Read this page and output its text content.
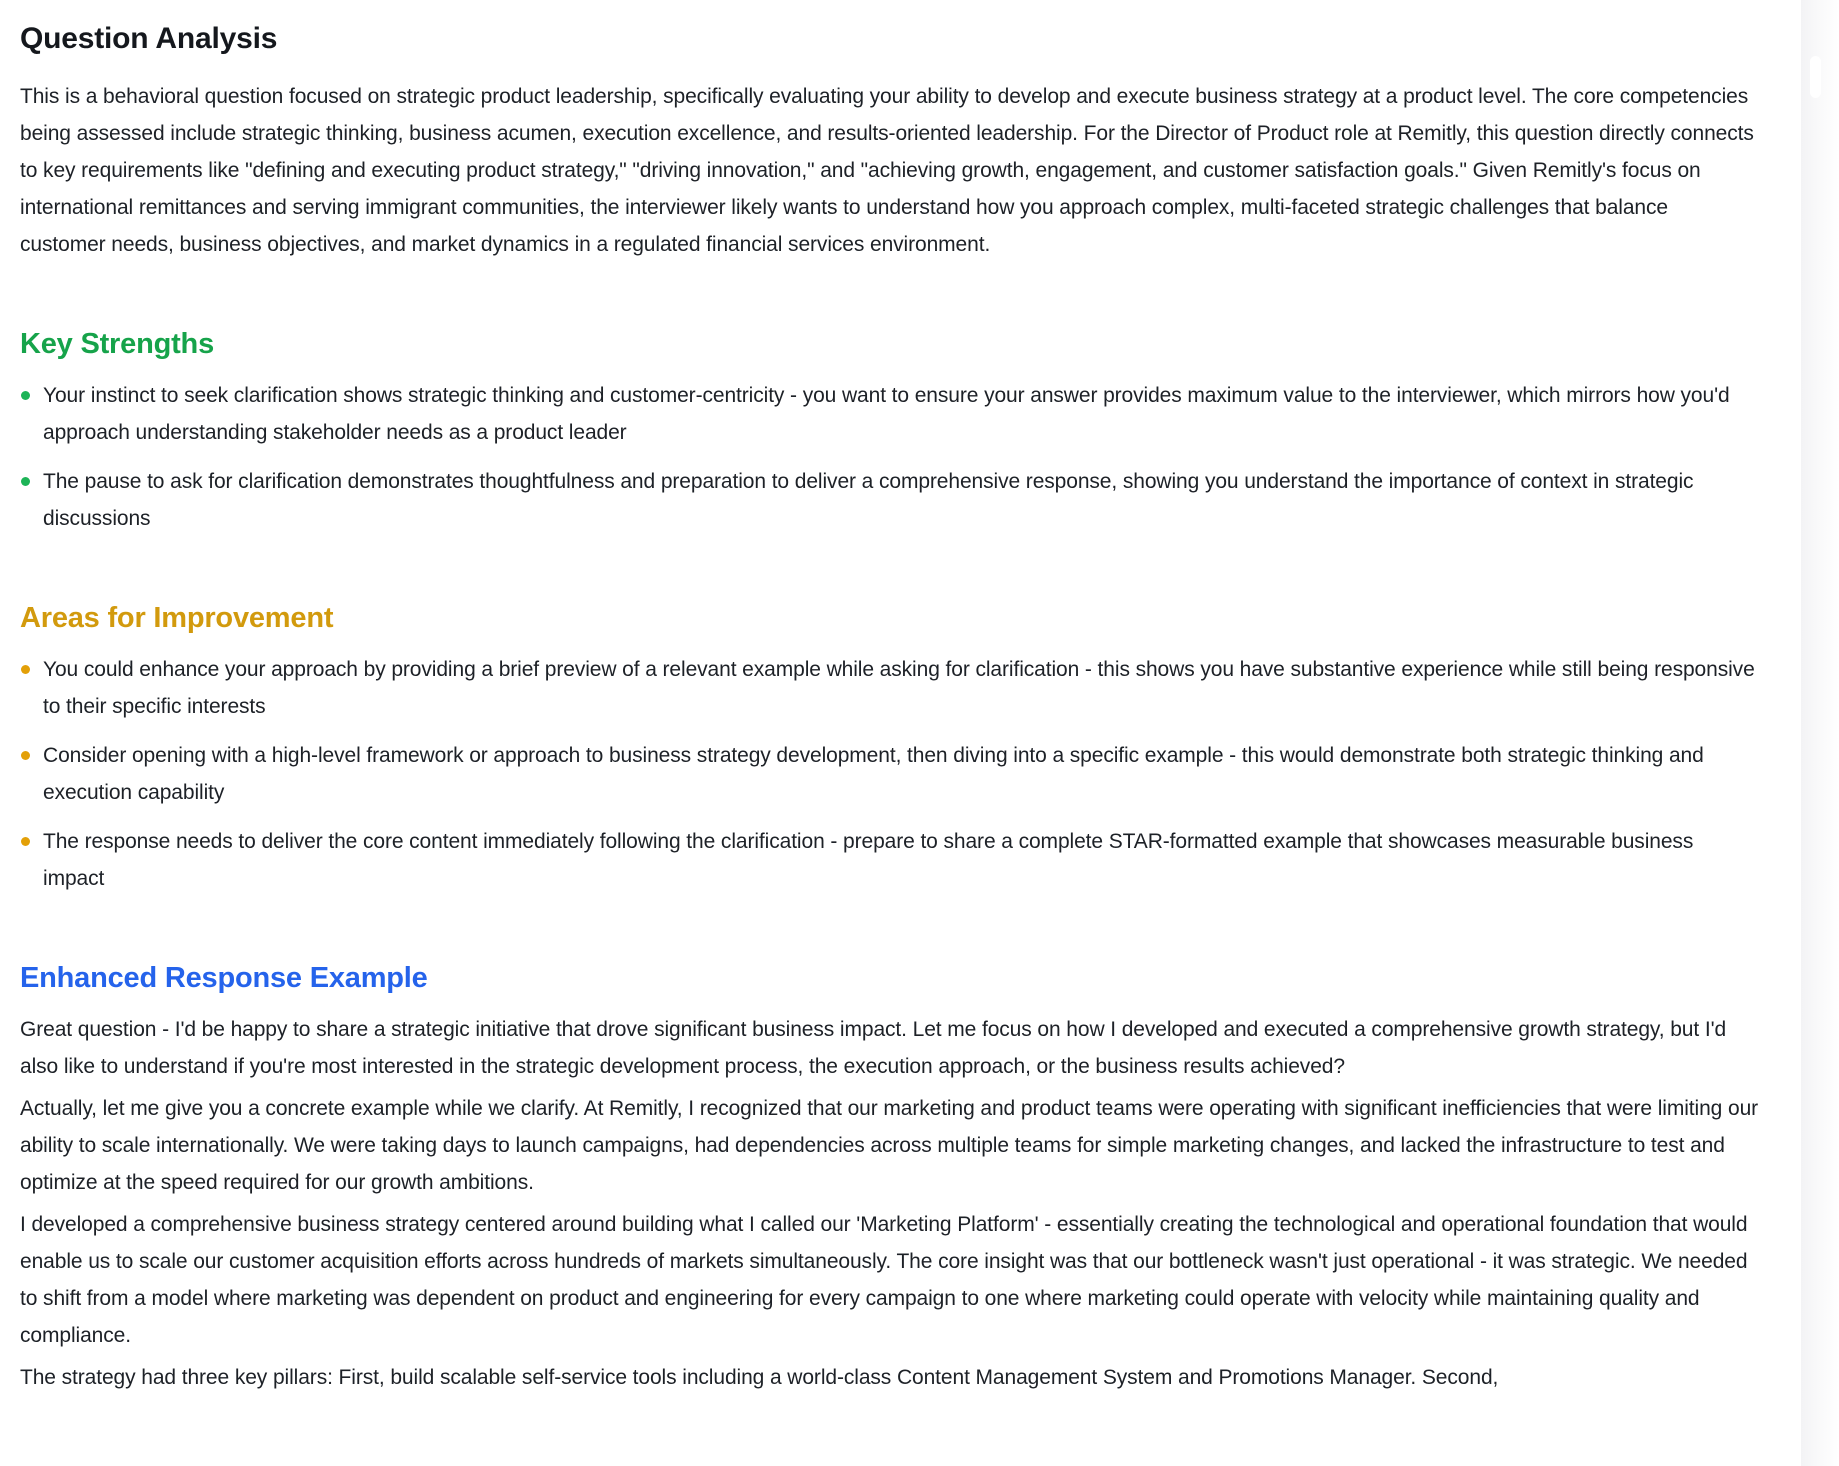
Question Analysis

This is a behavioral question focused on strategic product leadership, specifically evaluating your ability to develop and execute business strategy at a product level. The core competencies being assessed include strategic thinking, business acumen, execution excellence, and results-oriented leadership. For the Director of Product role at Remitly, this question directly connects to key requirements like "defining and executing product strategy," "driving innovation," and "achieving growth, engagement, and customer satisfaction goals." Given Remitly's focus on international remittances and serving immigrant communities, the interviewer likely wants to understand how you approach complex, multi-faceted strategic challenges that balance customer needs, business objectives, and market dynamics in a regulated financial services environment.

Key Strengths
Your instinct to seek clarification shows strategic thinking and customer-centricity - you want to ensure your answer provides maximum value to the interviewer, which mirrors how you'd approach understanding stakeholder needs as a product leader
The pause to ask for clarification demonstrates thoughtfulness and preparation to deliver a comprehensive response, showing you understand the importance of context in strategic discussions
Areas for Improvement
You could enhance your approach by providing a brief preview of a relevant example while asking for clarification - this shows you have substantive experience while still being responsive to their specific interests
Consider opening with a high-level framework or approach to business strategy development, then diving into a specific example - this would demonstrate both strategic thinking and execution capability
The response needs to deliver the core content immediately following the clarification - prepare to share a complete STAR-formatted example that showcases measurable business impact
Enhanced Response Example

Great question - I'd be happy to share a strategic initiative that drove significant business impact. Let me focus on how I developed and executed a comprehensive growth strategy, but I'd also like to understand if you're most interested in the strategic development process, the execution approach, or the business results achieved?

Actually, let me give you a concrete example while we clarify. At Remitly, I recognized that our marketing and product teams were operating with significant inefficiencies that were limiting our ability to scale internationally. We were taking days to launch campaigns, had dependencies across multiple teams for simple marketing changes, and lacked the infrastructure to test and optimize at the speed required for our growth ambitions.

I developed a comprehensive business strategy centered around building what I called our 'Marketing Platform' - essentially creating the technological and operational foundation that would enable us to scale our customer acquisition efforts across hundreds of markets simultaneously. The core insight was that our bottleneck wasn't just operational - it was strategic. We needed to shift from a model where marketing was dependent on product and engineering for every campaign to one where marketing could operate with velocity while maintaining quality and compliance.

The strategy had three key pillars: First, build scalable self-service tools including a world-class Content Management System and Promotions Manager. Second,
